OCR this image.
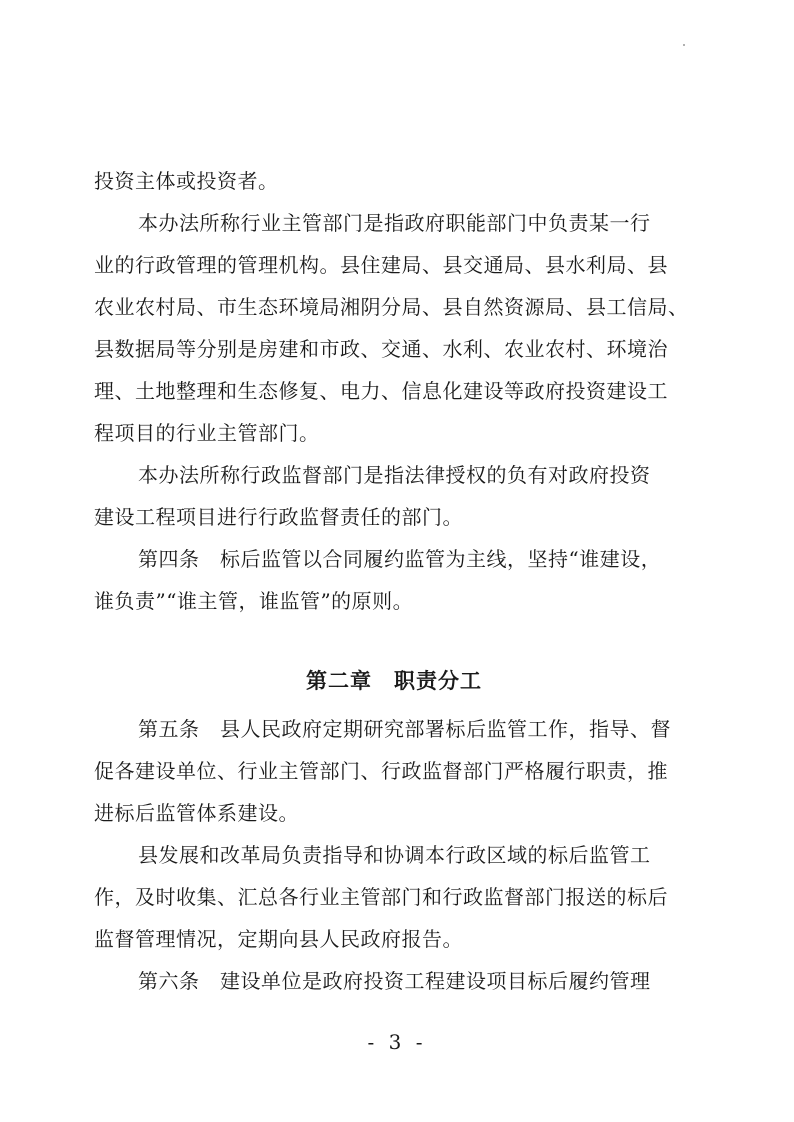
投资主体或投资者。
本办法所称行业主管部门是指政府职能部门中负责某一行
业的行政管理的管理机构。县住建局、县交通局、县水利局、县
农业农村局、市生态环境局湘阴分局、县自然资源局、县工信局、
县数据局等分别是房建和市政、交通、水利、农业农村、环境治
理、土地整理和生态修复、电力、信息化建设等政府投资建设工
程项目的行业主管部门。
本办法所称行政监督部门是指法律授权的负有对政府投资
建设工程项目进行行政监督责任的部门。
第四条　标后监管以合同履约监管为主线，坚持“谁建设，
谁负责”“谁主管，谁监管”的原则。
第二章　职责分工
第五条　县人民政府定期研究部署标后监管工作，指导、督
促各建设单位、行业主管部门、行政监督部门严格履行职责，推
进标后监管体系建设。
县发展和改革局负责指导和协调本行政区域的标后监管工
作，及时收集、汇总各行业主管部门和行政监督部门报送的标后
监督管理情况，定期向县人民政府报告。
第六条　建设单位是政府投资工程建设项目标后履约管理
- 3 -
